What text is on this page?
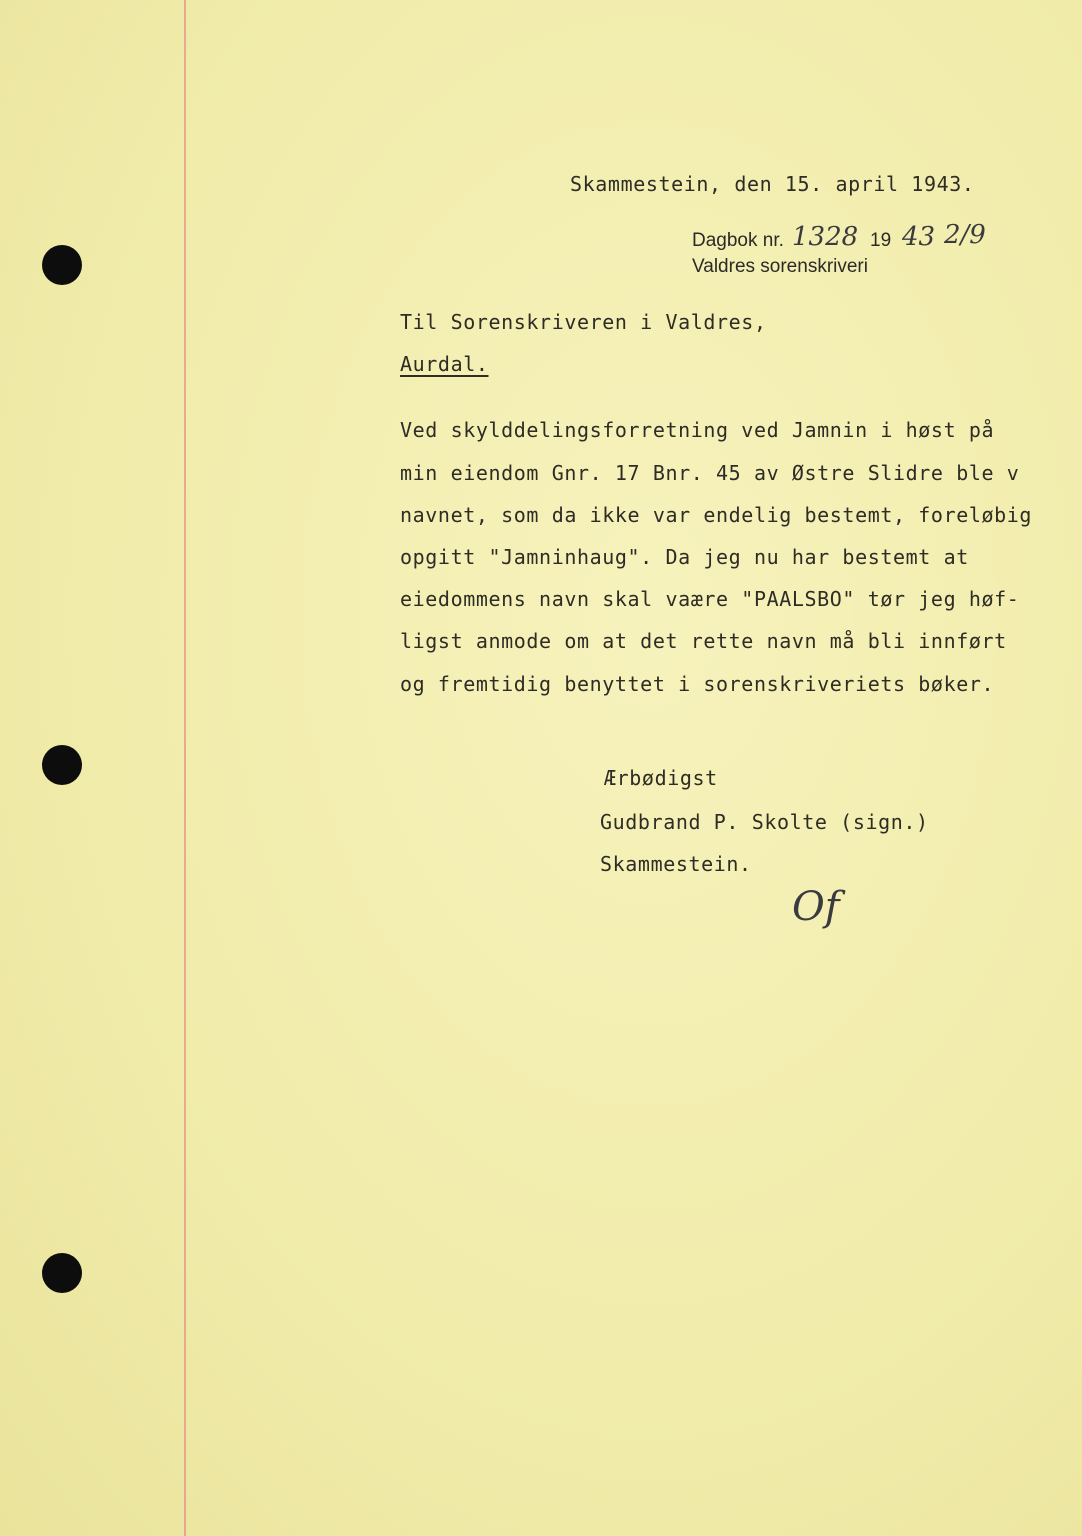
Skammestein, den 15. april 1943.
Dagbok nr. 1328 19 43 2/9
Valdres sorenskriveri
Til Sorenskriveren i Valdres,
Aurdal.
Ved skylddelingsforretning ved Jamnin i høst på
min eiendom Gnr. 17 Bnr. 45 av Østre Slidre ble v
navnet, som da ikke var endelig bestemt, foreløbig
opgitt "Jamninhaug". Da jeg nu har bestemt at
eiedommens navn skal vaære "PAALSBO" tør jeg høf-
ligst anmode om at det rette navn må bli innført
og fremtidig benyttet i sorenskriveriets bøker.
Ærbødigst
Gudbrand P. Skolte (sign.)
Skammestein.
Of
